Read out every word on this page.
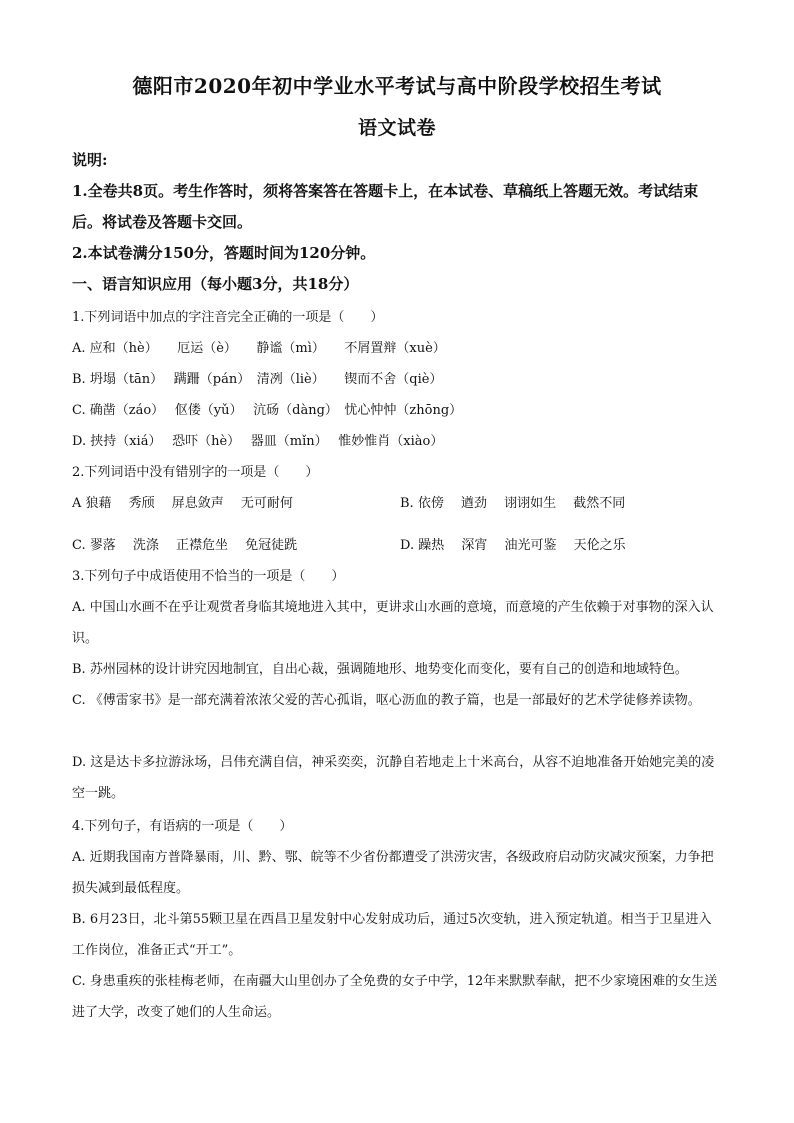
德阳市2020年初中学业水平考试与高中阶段学校招生考试
语文试卷
说明:
1.全卷共8页。考生作答时，须将答案答在答题卡上，在本试卷、草稿纸上答题无效。考试结束后。将试卷及答题卡交回。
2.本试卷满分150分，答题时间为120分钟。
一、语言知识应用（每小题3分，共18分）
1.下列词语中加点的字注音完全正确的一项是（　　）
A. 应和（hè）　　厄运（è）　　静谧（mì）　　不屑置辩（xuè）
B. 坍塌（tān）　 蹒跚（pán）　清冽（liè）　　锲而不舍（qiè）
C. 确凿（záo）　 伛偻（yǔ）　 沆砀（dàng）　忧心忡忡（zhōng）
D. 挟持（xiá）　 恐吓（hè）　 器皿（mǐn）　 惟妙惟肖（xiào）
2.下列词语中没有错别字的一项是（　　）
A 狼藉　 秀颀　 屏息敛声　 无可耐何	B. 依傍　 遒劲　 诩诩如生　 截然不同
C. 翏落　 洗涤　 正襟危坐　 免冠徒跣	D. 躁热　 深宵　 油光可鉴　 天伦之乐
3.下列句子中成语使用不恰当的一项是（　　）
A. 中国山水画不在乎让观赏者身临其境地进入其中，更讲求山水画的意境，而意境的产生依赖于对事物的深入认识。
B. 苏州园林的设计讲究因地制宜，自出心裁，强调随地形、地势变化而变化，要有自己的创造和地域特色。
C. 《傅雷家书》是一部充满着浓浓父爱的苦心孤诣，呕心沥血的教子篇，也是一部最好的艺术学徒修养读物。
D. 这是达卡多拉游泳场，吕伟充满自信，神采奕奕，沉静自若地走上十米高台，从容不迫地准备开始她完美的凌空一跳。
4.下列句子，有语病的一项是（　　）
A. 近期我国南方普降暴雨，川、黔、鄂、皖等不少省份都遭受了洪涝灾害，各级政府启动防灾减灾预案，力争把损失减到最低程度。
B. 6月23日，北斗第55颗卫星在西昌卫星发射中心发射成功后，通过5次变轨，进入预定轨道。相当于卫星进入工作岗位，准备正式“开工”。
C. 身患重疾的张桂梅老师，在南疆大山里创办了全免费的女子中学，12年来默默奉献，把不少家境困难的女生送进了大学，改变了她们的人生命运。
